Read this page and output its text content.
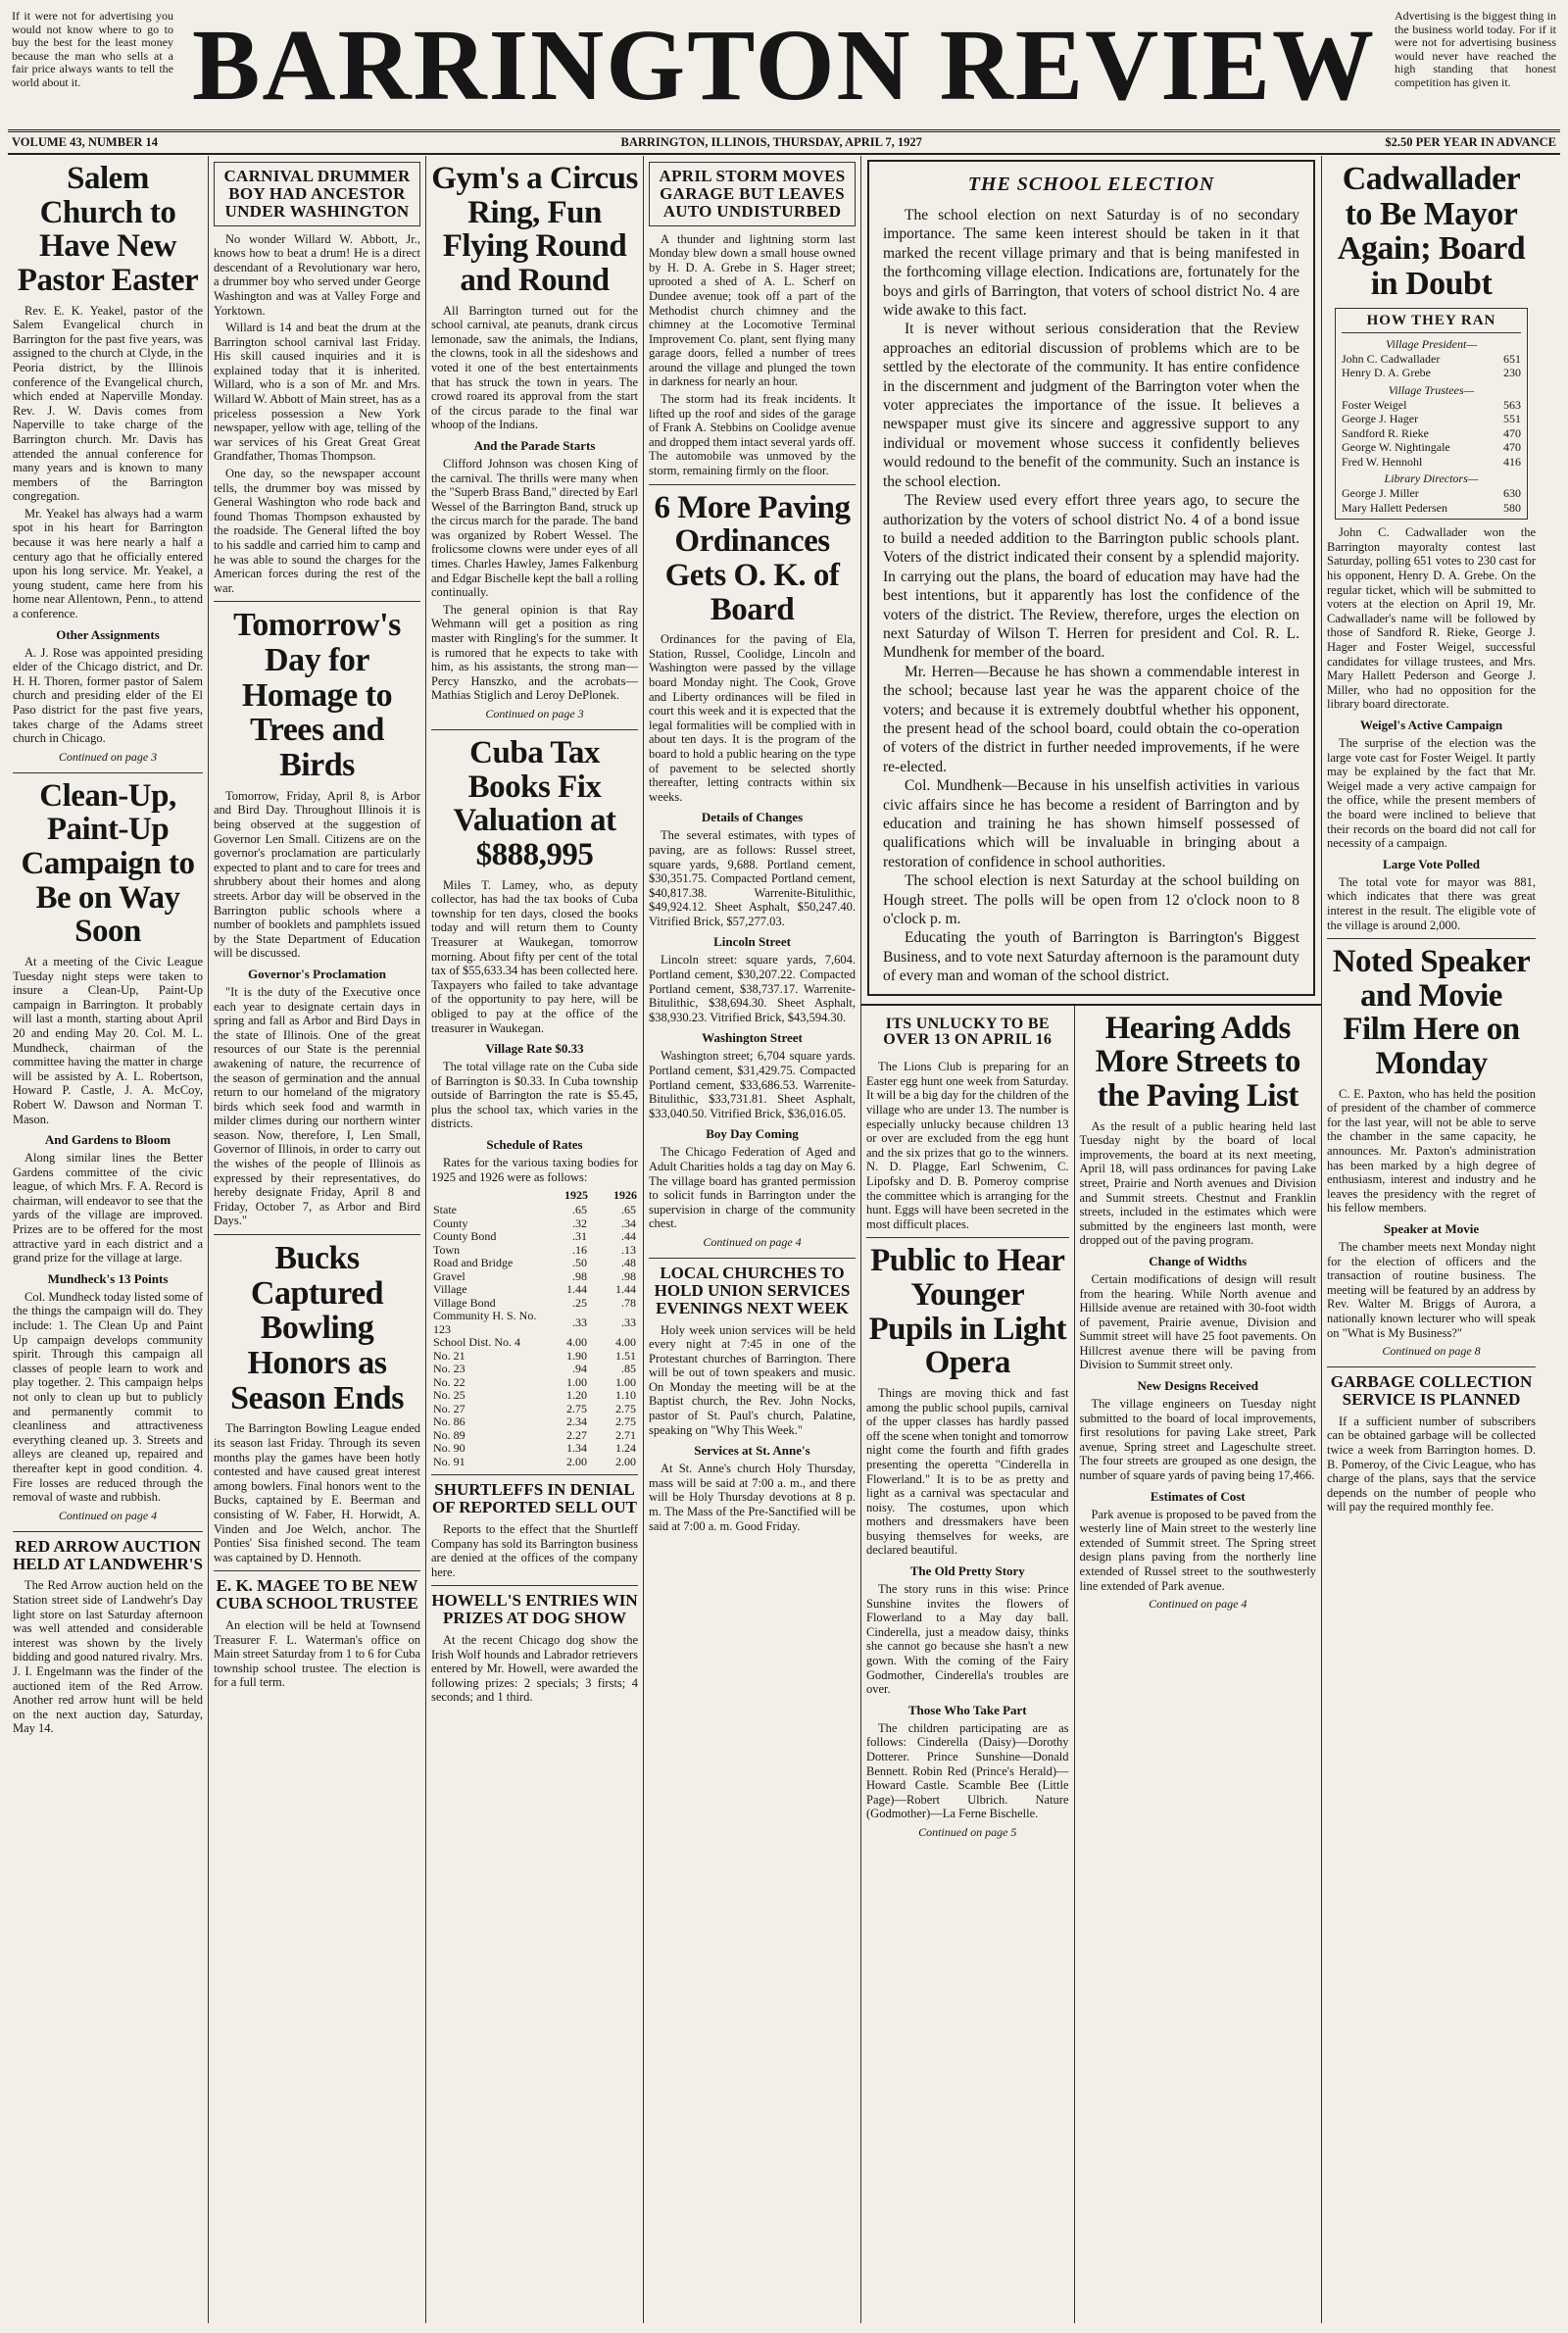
If it were not for advertising you would not know where to go to buy the best for the least money because the man who sells at a fair price always wants to tell the world about it.	BARRINGTON REVIEW Advertising is the biggest thing in the business world today. For if it were not for advertising business would never have reached the high standing that honest competition has given it.
VOLUME 43, NUMBER 14	BARRINGTON, ILLINOIS, THURSDAY, APRIL 7, 1927	$2.50 PER YEAR IN ADVANCE
Salem Church to Have New Pastor Easter

Rev. E. K. Yeakel, pastor of the Salem Evangelical church in Barrington for the past five years, was assigned to the church at Clyde, in the Peoria district, by the Illinois conference of the Evangelical church, which ended at Naperville Monday. Rev. J. W. Davis comes from Naperville to take charge of the Barrington church. Mr. Davis has attended the annual conference for many years and is known to many members of the Barrington congregation.

Mr. Yeakel has always had a warm spot in his heart for Barrington because it was here nearly a half a century ago that he officially entered upon his long service. Mr. Yeakel, a young student, came here from his home near Allentown, Penn., to attend a conference.

Other Assignments

A. J. Rose was appointed presiding elder of the Chicago district, and Dr. H. H. Thoren, former pastor of Salem church and presiding elder of the El Paso district for the past five years, takes charge of the Adams street church in Chicago.

Continued on page 3
Clean-Up, Paint-Up Campaign to Be on Way Soon

At a meeting of the Civic League Tuesday night steps were taken to insure a Clean-Up, Paint-Up campaign in Barrington. It probably will last a month, starting about April 20 and ending May 20. Col. M. L. Mundheck, chairman of the committee having the matter in charge will be assisted by A. L. Robertson, Howard P. Castle, J. A. McCoy, Robert W. Dawson and Norman T. Mason.

And Gardens to Bloom

Along similar lines the Better Gardens committee of the civic league, of which Mrs. F. A. Record is chairman, will endeavor to see that the yards of the village are improved. Prizes are to be offered for the most attractive yard in each district and a grand prize for the village at large.

Mundheck's 13 Points

Col. Mundheck today listed some of the things the campaign will do. They include: 1. The Clean Up and Paint Up campaign develops community spirit. Through this campaign all classes of people learn to work and play together. 2. This campaign helps not only to clean up but to publicly and permanently commit to cleanliness and attractiveness everything cleaned up. 3. Streets and alleys are cleaned up, repaired and thereafter kept in good condition. 4. Fire losses are reduced through the removal of waste and rubbish.

Continued on page 4
RED ARROW AUCTION HELD AT LANDWEHR'S

The Red Arrow auction held on the Station street side of Landwehr's Day light store on last Saturday afternoon was well attended and considerable interest was shown by the lively bidding and good natured rivalry. Mrs. J. I. Engelmann was the finder of the auctioned item of the Red Arrow. Another red arrow hunt will be held on the next auction day, Saturday, May 14.

CARNIVAL DRUMMER BOY HAD ANCESTOR UNDER WASHINGTON

No wonder Willard W. Abbott, Jr., knows how to beat a drum! He is a direct descendant of a Revolutionary war hero, a drummer boy who served under George Washington and was at Valley Forge and Yorktown.

Willard is 14 and beat the drum at the Barrington school carnival last Friday. His skill caused inquiries and it is explained today that it is inherited. Willard, who is a son of Mr. and Mrs. Willard W. Abbott of Main street, has as a priceless possession a New York newspaper, yellow with age, telling of the war services of his Great Great Great Grandfather, Thomas Thompson.

One day, so the newspaper account tells, the drummer boy was missed by General Washington who rode back and found Thomas Thompson exhausted by the roadside. The General lifted the boy to his saddle and carried him to camp and he was able to sound the charges for the American forces during the rest of the war.

Tomorrow's Day for Homage to Trees and Birds

Tomorrow, Friday, April 8, is Arbor and Bird Day. Throughout Illinois it is being observed at the suggestion of Governor Len Small. Citizens are on the governor's proclamation are particularly expected to plant and to care for trees and shrubbery about their homes and along streets. Arbor day will be observed in the Barrington public schools where a number of booklets and pamphlets issued by the State Department of Education will be discussed.

Governor's Proclamation

"It is the duty of the Executive once each year to designate certain days in spring and fall as Arbor and Bird Days in the state of Illinois. One of the great resources of our State is the perennial awakening of nature, the recurrence of the season of germination and the annual return to our homeland of the migratory birds which seek food and warmth in milder climes during our northern winter season. Now, therefore, I, Len Small, Governor of Illinois, in order to carry out the wishes of the people of Illinois as expressed by their representatives, do hereby designate Friday, April 8 and Friday, October 7, as Arbor and Bird Days."

Bucks Captured Bowling Honors as Season Ends

The Barrington Bowling League ended its season last Friday. Through its seven months play the games have been hotly contested and have caused great interest among bowlers. Final honors went to the Bucks, captained by E. Beerman and consisting of W. Faber, H. Horwidt, A. Vinden and Joe Welch, anchor. The Ponties' Sisa finished second. The team was captained by D. Hennoth.

E. K. MAGEE TO BE NEW CUBA SCHOOL TRUSTEE

An election will be held at Townsend Treasurer F. L. Waterman's office on Main street Saturday from 1 to 6 for Cuba township school trustee. The election is for a full term.

Gym's a Circus Ring, Fun Flying Round and Round

All Barrington turned out for the school carnival, ate peanuts, drank circus lemonade, saw the animals, the Indians, the clowns, took in all the sideshows and voted it one of the best entertainments that has struck the town in years. The crowd roared its approval from the start of the circus parade to the final war whoop of the Indians.

And the Parade Starts

Clifford Johnson was chosen King of the carnival. The thrills were many when the "Superb Brass Band," directed by Earl Wessel of the Barrington Band, struck up the circus march for the parade. The band was organized by Robert Wessel. The frolicsome clowns were under eyes of all times. Charles Hawley, James Falkenburg and Edgar Bischelle kept the ball a rolling continually.

The general opinion is that Ray Wehmann will get a position as ring master with Ringling's for the summer. It is rumored that he expects to take with him, as his assistants, the strong man—Percy Hanszko, and the acrobats—Mathias Stiglich and Leroy DePlonek.

Continued on page 3
Cuba Tax Books Fix Valuation at $888,995

Miles T. Lamey, who, as deputy collector, has had the tax books of Cuba township for ten days, closed the books today and will return them to County Treasurer at Waukegan, tomorrow morning. About fifty per cent of the total tax of $55,633.34 has been collected here. Taxpayers who failed to take advantage of the opportunity to pay here, will be obliged to pay at the office of the treasurer in Waukegan.

Village Rate $0.33

The total village rate on the Cuba side of Barrington is $0.33. In Cuba township outside of Barrington the rate is $5.45, plus the school tax, which varies in the districts.

Schedule of Rates

Rates for the various taxing bodies for 1925 and 1926 were as follows:

	1925	1926
State	.65	.65
County	.32	.34
County Bond	.31	.44
Town	.16	.13
Road and Bridge	.50	.48
Gravel	.98	.98
Village	1.44	1.44
Village Bond	.25	.78
Community H. S. No. 123	.33	.33
School Dist. No. 4	4.00	4.00
No. 21	1.90	1.51
No. 23	.94	.85
No. 22	1.00	1.00
No. 25	1.20	1.10
No. 27	2.75	2.75
No. 86	2.34	2.75
No. 89	2.27	2.71
No. 90	1.34	1.24
No. 91	2.00	2.00
SHURTLEFFS IN DENIAL OF REPORTED SELL OUT

Reports to the effect that the Shurtleff Company has sold its Barrington business are denied at the offices of the company here.

HOWELL'S ENTRIES WIN PRIZES AT DOG SHOW

At the recent Chicago dog show the Irish Wolf hounds and Labrador retrievers entered by Mr. Howell, were awarded the following prizes: 2 specials; 3 firsts; 4 seconds; and 1 third.

APRIL STORM MOVES GARAGE BUT LEAVES AUTO UNDISTURBED

A thunder and lightning storm last Monday blew down a small house owned by H. D. A. Grebe in S. Hager street; uprooted a shed of A. L. Scherf on Dundee avenue; took off a part of the Methodist church chimney and the chimney at the Locomotive Terminal Improvement Co. plant, sent flying many garage doors, felled a number of trees around the village and plunged the town in darkness for nearly an hour.

The storm had its freak incidents. It lifted up the roof and sides of the garage of Frank A. Stebbins on Coolidge avenue and dropped them intact several yards off. The automobile was unmoved by the storm, remaining firmly on the floor.

6 More Paving Ordinances Gets O. K. of Board

Ordinances for the paving of Ela, Station, Russel, Coolidge, Lincoln and Washington were passed by the village board Monday night. The Cook, Grove and Liberty ordinances will be filed in court this week and it is expected that the legal formalities will be complied with in about ten days. It is the program of the board to hold a public hearing on the type of pavement to be selected shortly thereafter, letting contracts within six weeks.

Details of Changes

The several estimates, with types of paving, are as follows: Russel street, square yards, 9,688. Portland cement, $30,351.75. Compacted Portland cement, $40,817.38. Warrenite-Bitulithic, $49,924.12. Sheet Asphalt, $50,247.40. Vitrified Brick, $57,277.03.

Lincoln Street

Lincoln street: square yards, 7,604. Portland cement, $30,207.22. Compacted Portland cement, $38,737.17. Warrenite-Bitulithic, $38,694.30. Sheet Asphalt, $38,930.23. Vitrified Brick, $43,594.30.

Washington Street

Washington street; 6,704 square yards. Portland cement, $31,429.75. Compacted Portland cement, $33,686.53. Warrenite-Bitulithic, $33,731.81. Sheet Asphalt, $33,040.50. Vitrified Brick, $36,016.05.

Boy Day Coming

The Chicago Federation of Aged and Adult Charities holds a tag day on May 6. The village board has granted permission to solicit funds in Barrington under the supervision in charge of the community chest.

Continued on page 4
LOCAL CHURCHES TO HOLD UNION SERVICES EVENINGS NEXT WEEK

Holy week union services will be held every night at 7:45 in one of the Protestant churches of Barrington. There will be out of town speakers and music. On Monday the meeting will be at the Baptist church, the Rev. John Nocks, pastor of St. Paul's church, Palatine, speaking on "Why This Week."

Services at St. Anne's

At St. Anne's church Holy Thursday, mass will be said at 7:00 a. m., and there will be Holy Thursday devotions at 8 p. m. The Mass of the Pre-Sanctified will be said at 7:00 a. m. Good Friday.

THE SCHOOL ELECTION

The school election on next Saturday is of no secondary importance. The same keen interest should be taken in it that marked the recent village primary and that is being manifested in the forthcoming village election. Indications are, fortunately for the boys and girls of Barrington, that voters of school district No. 4 are wide awake to this fact.

It is never without serious consideration that the Review approaches an editorial discussion of problems which are to be settled by the electorate of the community. It has entire confidence in the discernment and judgment of the Barrington voter when the voter appreciates the importance of the issue. It believes a newspaper must give its sincere and aggressive support to any individual or movement whose success it confidently believes would redound to the benefit of the community. Such an instance is the school election.

The Review used every effort three years ago, to secure the authorization by the voters of school district No. 4 of a bond issue to build a needed addition to the Barrington public schools plant. Voters of the district indicated their consent by a splendid majority. In carrying out the plans, the board of education may have had the best intentions, but it apparently has lost the confidence of the voters of the district. The Review, therefore, urges the election on next Saturday of Wilson T. Herren for president and Col. R. L. Mundhenk for member of the board.

Mr. Herren—Because he has shown a commendable interest in the school; because last year he was the apparent choice of the voters; and because it is extremely doubtful whether his opponent, the present head of the school board, could obtain the co-operation of voters of the district in further needed improvements, if he were re-elected.

Col. Mundhenk—Because in his unselfish activities in various civic affairs since he has become a resident of Barrington and by education and training he has shown himself possessed of qualifications which will be invaluable in bringing about a restoration of confidence in school authorities.

The school election is next Saturday at the school building on Hough street. The polls will be open from 12 o'clock noon to 8 o'clock p. m.

Educating the youth of Barrington is Barrington's Biggest Business, and to vote next Saturday afternoon is the paramount duty of every man and woman of the school district.

ITS UNLUCKY TO BE OVER 13 ON APRIL 16

The Lions Club is preparing for an Easter egg hunt one week from Saturday. It will be a big day for the children of the village who are under 13. The number is especially unlucky because children 13 or over are excluded from the egg hunt and the six prizes that go to the winners. N. D. Plagge, Earl Schwenim, C. Lipofsky and D. B. Pomeroy comprise the committee which is arranging for the hunt. Eggs will have been secreted in the most difficult places.

Public to Hear Younger Pupils in Light Opera

Things are moving thick and fast among the public school pupils, carnival of the upper classes has hardly passed off the scene when tonight and tomorrow night come the fourth and fifth grades presenting the operetta "Cinderella in Flowerland." It is to be as pretty and light as a carnival was spectacular and noisy. The costumes, upon which mothers and dressmakers have been busying themselves for weeks, are declared beautiful.

The Old Pretty Story

The story runs in this wise: Prince Sunshine invites the flowers of Flowerland to a May day ball. Cinderella, just a meadow daisy, thinks she cannot go because she hasn't a new gown. With the coming of the Fairy Godmother, Cinderella's troubles are over.

Those Who Take Part

The children participating are as follows: Cinderella (Daisy)—Dorothy Dotterer. Prince Sunshine—Donald Bennett. Robin Red (Prince's Herald)—Howard Castle. Scamble Bee (Little Page)—Robert Ulbrich. Nature (Godmother)—La Ferne Bischelle.

Continued on page 5
Hearing Adds More Streets to the Paving List

As the result of a public hearing held last Tuesday night by the board of local improvements, the board at its next meeting, April 18, will pass ordinances for paving Lake street, Prairie and North avenues and Division and Summit streets. Chestnut and Franklin streets, included in the estimates which were submitted by the engineers last month, were dropped out of the paving program.

Change of Widths

Certain modifications of design will result from the hearing. While North avenue and Hillside avenue are retained with 30-foot width of pavement, Prairie avenue, Division and Summit street will have 25 foot pavements. On Hillcrest avenue there will be paving from Division to Summit street only.

New Designs Received

The village engineers on Tuesday night submitted to the board of local improvements, first resolutions for paving Lake street, Park avenue, Spring street and Lageschulte street. The four streets are grouped as one design, the number of square yards of paving being 17,466.

Estimates of Cost

Park avenue is proposed to be paved from the westerly line of Main street to the westerly line extended of Summit street. The Spring street design plans paving from the northerly line extended of Russel street to the southwesterly line extended of Park avenue.

Continued on page 4
Cadwallader to Be Mayor Again; Board in Doubt
HOW THEY RAN
Village President—
John C. Cadwallader	651
Henry D. A. Grebe	230
Village Trustees—
Foster Weigel	563
George J. Hager	551
Sandford R. Rieke	470
George W. Nightingale	470
Fred W. Hennohl	416
Library Directors—
George J. Miller	630
Mary Hallett Pedersen	580

John C. Cadwallader won the Barrington mayoralty contest last Saturday, polling 651 votes to 230 cast for his opponent, Henry D. A. Grebe. On the regular ticket, which will be submitted to voters at the election on April 19, Mr. Cadwallader's name will be followed by those of Sandford R. Rieke, George J. Hager and Foster Weigel, successful candidates for village trustees, and Mrs. Mary Hallett Pederson and George J. Miller, who had no opposition for the library board directorate.

Weigel's Active Campaign

The surprise of the election was the large vote cast for Foster Weigel. It partly may be explained by the fact that Mr. Weigel made a very active campaign for the office, while the present members of the board were inclined to believe that their records on the board did not call for necessity of a campaign.

Large Vote Polled

The total vote for mayor was 881, which indicates that there was great interest in the result. The eligible vote of the village is around 2,000.

Noted Speaker and Movie Film Here on Monday

C. E. Paxton, who has held the position of president of the chamber of commerce for the last year, will not be able to serve the chamber in the same capacity, he announces. Mr. Paxton's administration has been marked by a high degree of enthusiasm, interest and industry and he leaves the presidency with the regret of his fellow members.

Speaker at Movie

The chamber meets next Monday night for the election of officers and the transaction of routine business. The meeting will be featured by an address by Rev. Walter M. Briggs of Aurora, a nationally known lecturer who will speak on "What is My Business?"

Continued on page 8
GARBAGE COLLECTION SERVICE IS PLANNED

If a sufficient number of subscribers can be obtained garbage will be collected twice a week from Barrington homes. D. B. Pomeroy, of the Civic League, who has charge of the plans, says that the service depends on the number of people who will pay the required monthly fee.
